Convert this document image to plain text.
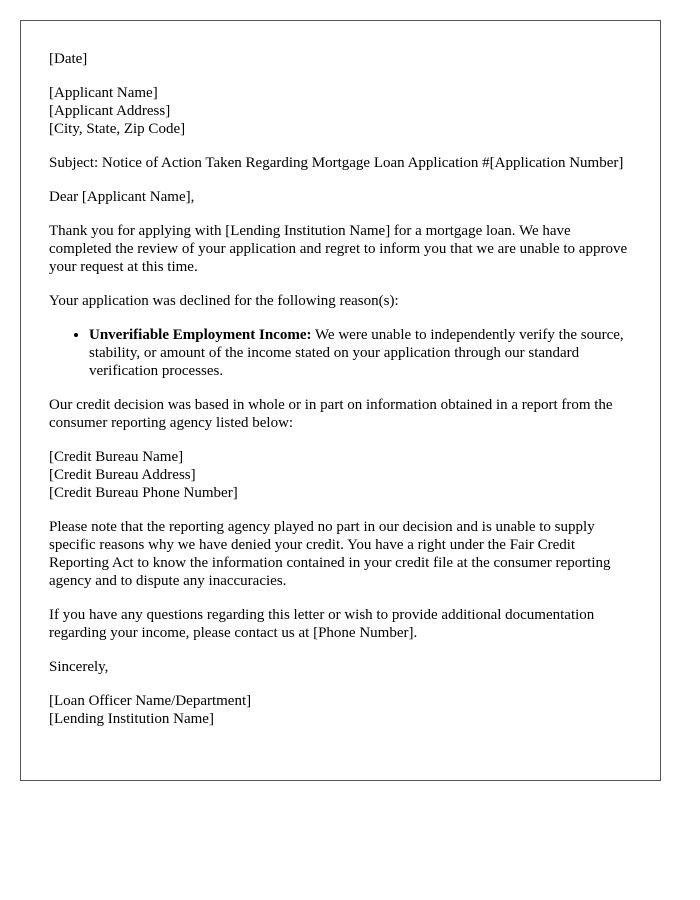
[Date]

[Applicant Name]
[Applicant Address]
[City, State, Zip Code]

Subject: Notice of Action Taken Regarding Mortgage Loan Application #[Application Number]

Dear [Applicant Name],

Thank you for applying with [Lending Institution Name] for a mortgage loan. We have completed the review of your application and regret to inform you that we are unable to approve your request at this time.

Your application was declined for the following reason(s):

• Unverifiable Employment Income: We were unable to independently verify the source, stability, or amount of the income stated on your application through our standard verification processes.

Our credit decision was based in whole or in part on information obtained in a report from the consumer reporting agency listed below:

[Credit Bureau Name]
[Credit Bureau Address]
[Credit Bureau Phone Number]

Please note that the reporting agency played no part in our decision and is unable to supply specific reasons why we have denied your credit. You have a right under the Fair Credit Reporting Act to know the information contained in your credit file at the consumer reporting agency and to dispute any inaccuracies.

If you have any questions regarding this letter or wish to provide additional documentation regarding your income, please contact us at [Phone Number].

Sincerely,

[Loan Officer Name/Department]
[Lending Institution Name]
